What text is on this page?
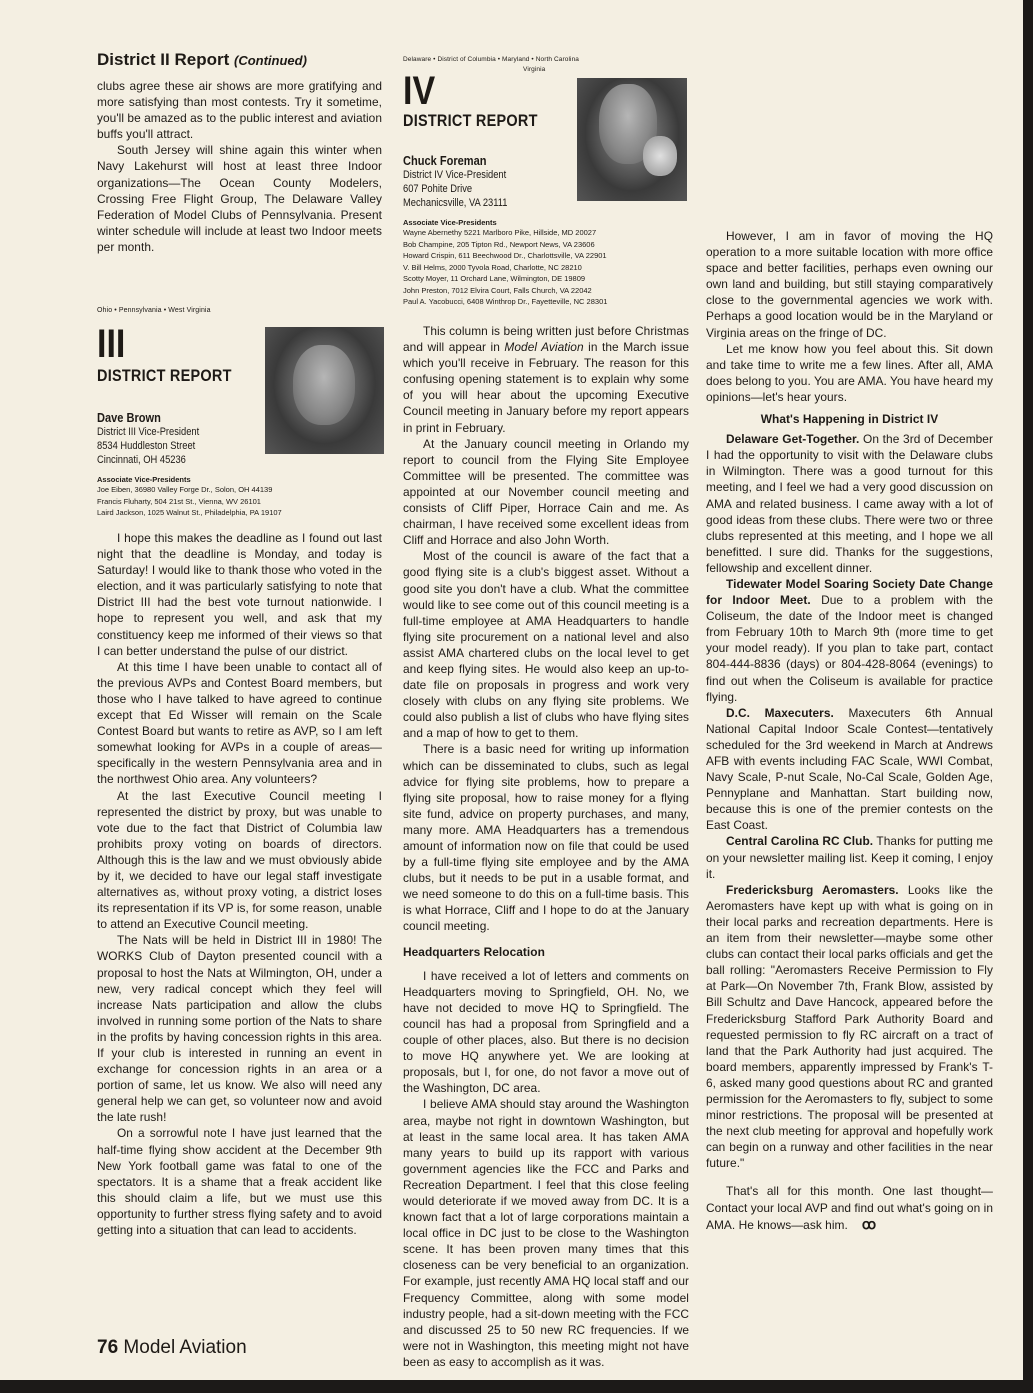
District II Report (Continued)

clubs agree these air shows are more gratifying and more satisfying than most contests. Try it sometime, you'll be amazed as to the public interest and aviation buffs you'll attract.

South Jersey will shine again this winter when Navy Lakehurst will host at least three Indoor organizations—The Ocean County Modelers, Crossing Free Flight Group, The Delaware Valley Federation of Model Clubs of Pennsylvania. Present winter schedule will include at least two Indoor meets per month.

Ohio • Pennsylvania • West Virginia
III
DISTRICT REPORT
Dave Brown
District III Vice-President
8534 Huddleston Street
Cincinnati, OH 45236
Associate Vice-Presidents
Joe Eiben, 36980 Valley Forge Dr., Solon, OH 44139
Francis Fluharty, 504 21st St., Vienna, WV 26101
Laird Jackson, 1025 Walnut St., Philadelphia, PA 19107

I hope this makes the deadline as I found out last night that the deadline is Monday, and today is Saturday! I would like to thank those who voted in the election, and it was particularly satisfying to note that District III had the best vote turnout nationwide. I hope to represent you well, and ask that my constituency keep me informed of their views so that I can better understand the pulse of our district.

At this time I have been unable to contact all of the previous AVPs and Contest Board members, but those who I have talked to have agreed to continue except that Ed Wisser will remain on the Scale Contest Board but wants to retire as AVP, so I am left somewhat looking for AVPs in a couple of areas—specifically in the western Pennsylvania area and in the northwest Ohio area. Any volunteers?

At the last Executive Council meeting I represented the district by proxy, but was unable to vote due to the fact that District of Columbia law prohibits proxy voting on boards of directors. Although this is the law and we must obviously abide by it, we decided to have our legal staff investigate alternatives as, without proxy voting, a district loses its representation if its VP is, for some reason, unable to attend an Executive Council meeting.

The Nats will be held in District III in 1980! The WORKS Club of Dayton presented council with a proposal to host the Nats at Wilmington, OH, under a new, very radical concept which they feel will increase Nats participation and allow the clubs involved in running some portion of the Nats to share in the profits by having concession rights in this area. If your club is interested in running an event in exchange for concession rights in an area or a portion of same, let us know. We also will need any general help we can get, so volunteer now and avoid the late rush!

On a sorrowful note I have just learned that the half-time flying show accident at the December 9th New York football game was fatal to one of the spectators. It is a shame that a freak accident like this should claim a life, but we must use this opportunity to further stress flying safety and to avoid getting into a situation that can lead to accidents.

Delaware • District of Columbia • Maryland • North Carolina
Virginia
IV
DISTRICT REPORT
Chuck Foreman
District IV Vice-President
607 Pohite Drive
Mechanicsville, VA 23111
Associate Vice-Presidents
Wayne Abernethy 5221 Marlboro Pike, Hillside, MD 20027
Bob Champine, 205 Tipton Rd., Newport News, VA 23606
Howard Crispin, 611 Beechwood Dr., Charlottsville, VA 22901
V. Bill Helms, 2000 Tyvola Road, Charlotte, NC 28210
Scotty Moyer, 11 Orchard Lane, Wilmington, DE 19809
John Preston, 7012 Elvira Court, Falls Church, VA 22042
Paul A. Yacobucci, 6408 Winthrop Dr., Fayetteville, NC 28301

This column is being written just before Christmas and will appear in Model Aviation in the March issue which you'll receive in February. The reason for this confusing opening statement is to explain why some of you will hear about the upcoming Executive Council meeting in January before my report appears in print in February.

At the January council meeting in Orlando my report to council from the Flying Site Employee Committee will be presented. The committee was appointed at our November council meeting and consists of Cliff Piper, Horrace Cain and me. As chairman, I have received some excellent ideas from Cliff and Horrace and also John Worth.

Most of the council is aware of the fact that a good flying site is a club's biggest asset. Without a good site you don't have a club. What the committee would like to see come out of this council meeting is a full-time employee at AMA Headquarters to handle flying site procurement on a national level and also assist AMA chartered clubs on the local level to get and keep flying sites. He would also keep an up-to-date file on proposals in progress and work very closely with clubs on any flying site problems. We could also publish a list of clubs who have flying sites and a map of how to get to them.

There is a basic need for writing up information which can be disseminated to clubs, such as legal advice for flying site problems, how to prepare a flying site proposal, how to raise money for a flying site fund, advice on property purchases, and many, many more. AMA Headquarters has a tremendous amount of information now on file that could be used by a full-time flying site employee and by the AMA clubs, but it needs to be put in a usable format, and we need someone to do this on a full-time basis. This is what Horrace, Cliff and I hope to do at the January council meeting.

Headquarters Relocation

I have received a lot of letters and comments on Headquarters moving to Springfield, OH. No, we have not decided to move HQ to Springfield. The council has had a proposal from Springfield and a couple of other places, also. But there is no decision to move HQ anywhere yet. We are looking at proposals, but I, for one, do not favor a move out of the Washington, DC area.

I believe AMA should stay around the Washington area, maybe not right in downtown Washington, but at least in the same local area. It has taken AMA many years to build up its rapport with various government agencies like the FCC and Parks and Recreation Department. I feel that this close feeling would deteriorate if we moved away from DC. It is a known fact that a lot of large corporations maintain a local office in DC just to be close to the Washington scene. It has been proven many times that this closeness can be very beneficial to an organization. For example, just recently AMA HQ local staff and our Frequency Committee, along with some model industry people, had a sit-down meeting with the FCC and discussed 25 to 50 new RC frequencies. If we were not in Washington, this meeting might not have been as easy to accomplish as it was.

However, I am in favor of moving the HQ operation to a more suitable location with more office space and better facilities, perhaps even owning our own land and building, but still staying comparatively close to the governmental agencies we work with. Perhaps a good location would be in the Maryland or Virginia areas on the fringe of DC.

Let me know how you feel about this. Sit down and take time to write me a few lines. After all, AMA does belong to you. You are AMA. You have heard my opinions—let's hear yours.

What's Happening in District IV

Delaware Get-Together. On the 3rd of December I had the opportunity to visit with the Delaware clubs in Wilmington. There was a good turnout for this meeting, and I feel we had a very good discussion on AMA and related business. I came away with a lot of good ideas from these clubs. There were two or three clubs represented at this meeting, and I hope we all benefitted. I sure did. Thanks for the suggestions, fellowship and excellent dinner.

Tidewater Model Soaring Society Date Change for Indoor Meet. Due to a problem with the Coliseum, the date of the Indoor meet is changed from February 10th to March 9th (more time to get your model ready). If you plan to take part, contact 804-444-8836 (days) or 804-428-8064 (evenings) to find out when the Coliseum is available for practice flying.

D.C. Maxecuters. Maxecuters 6th Annual National Capital Indoor Scale Contest—tentatively scheduled for the 3rd weekend in March at Andrews AFB with events including FAC Scale, WWI Combat, Navy Scale, P-nut Scale, No-Cal Scale, Golden Age, Pennyplane and Manhattan. Start building now, because this is one of the premier contests on the East Coast.

Central Carolina RC Club. Thanks for putting me on your newsletter mailing list. Keep it coming, I enjoy it.

Fredericksburg Aeromasters. Looks like the Aeromasters have kept up with what is going on in their local parks and recreation departments. Here is an item from their newsletter—maybe some other clubs can contact their local parks officials and get the ball rolling: "Aeromasters Receive Permission to Fly at Park—On November 7th, Frank Blow, assisted by Bill Schultz and Dave Hancock, appeared before the Fredericksburg Stafford Park Authority Board and requested permission to fly RC aircraft on a tract of land that the Park Authority had just acquired. The board members, apparently impressed by Frank's T-6, asked many good questions about RC and granted permission for the Aeromasters to fly, subject to some minor restrictions. The proposal will be presented at the next club meeting for approval and hopefully work can begin on a runway and other facilities in the near future."

That's all for this month. One last thought—Contact your local AVP and find out what's going on in AMA. He knows—ask him. ꝏ

76 Model Aviation
